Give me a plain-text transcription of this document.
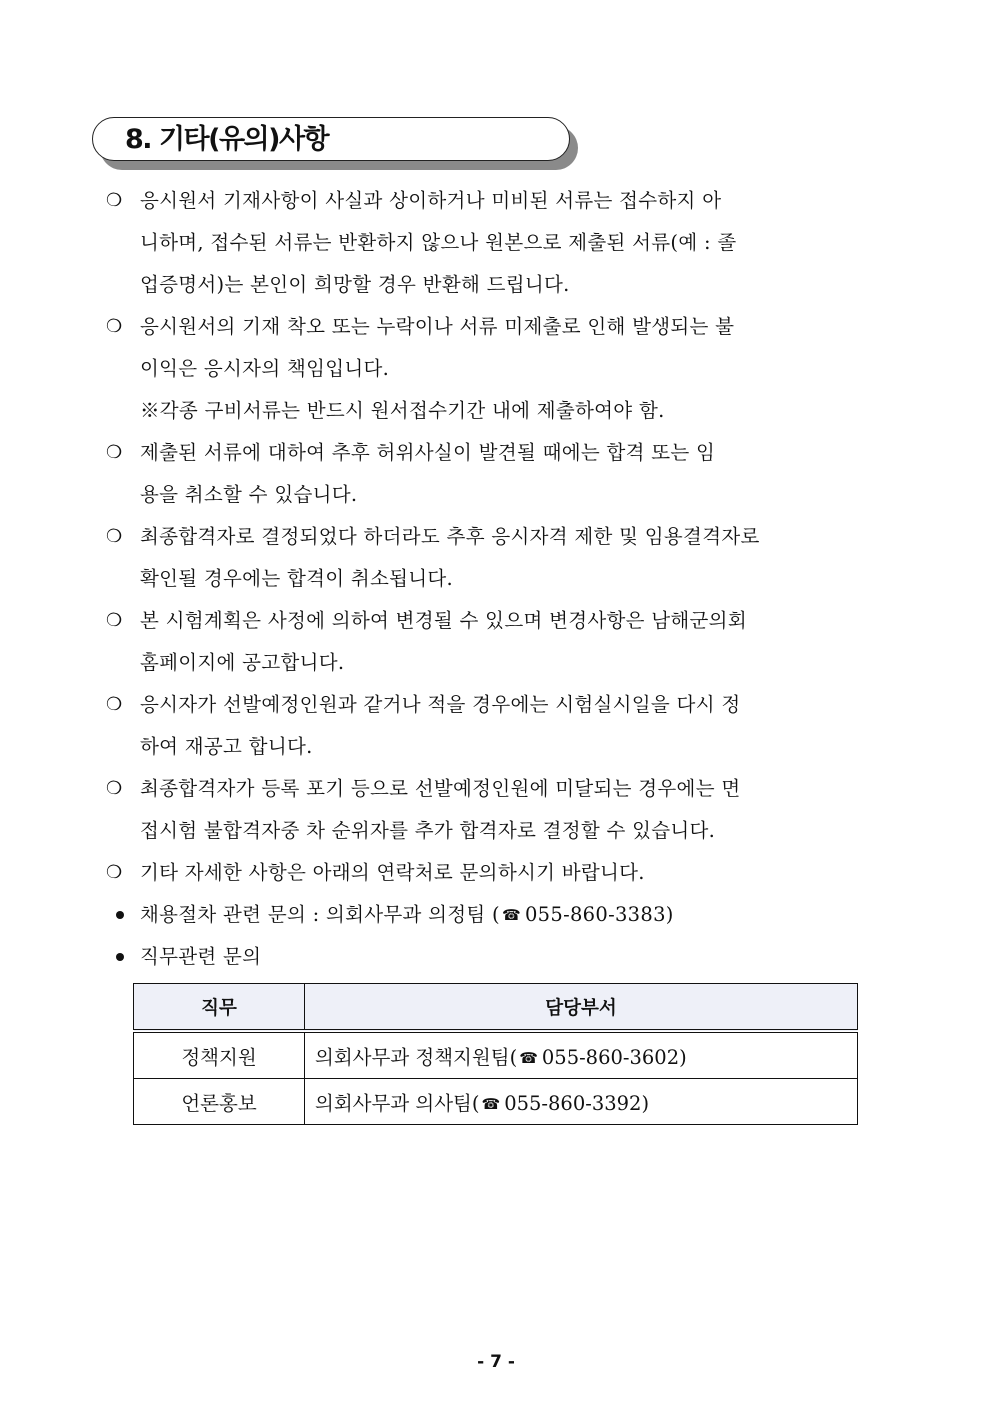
8. 기타(유의)사항
❍ 응시원서 기재사항이 사실과 상이하거나 미비된 서류는 접수하지 아
니하며, 접수된 서류는 반환하지 않으나 원본으로 제출된 서류(예 : 졸
업증명서)는 본인이 희망할 경우 반환해 드립니다.
❍ 응시원서의 기재 착오 또는 누락이나 서류 미제출로 인해 발생되는 불
이익은 응시자의 책임입니다.
※각종 구비서류는 반드시 원서접수기간 내에 제출하여야 함.
❍ 제출된 서류에 대하여 추후 허위사실이 발견될 때에는 합격 또는 임
용을 취소할 수 있습니다.
❍ 최종합격자로 결정되었다 하더라도 추후 응시자격 제한 및 임용결격자로
확인될 경우에는 합격이 취소됩니다.
❍ 본 시험계획은 사정에 의하여 변경될 수 있으며 변경사항은 남해군의회
홈페이지에 공고합니다.
❍ 응시자가 선발예정인원과 같거나 적을 경우에는 시험실시일을 다시 정
하여 재공고 합니다.
❍ 최종합격자가 등록 포기 등으로 선발예정인원에 미달되는 경우에는 면
접시험 불합격자중 차 순위자를 추가 합격자로 결정할 수 있습니다.
❍ 기타 자세한 사항은 아래의 연락처로 문의하시기 바랍니다.
채용절차 관련 문의 : 의회사무과 의정팀 ( ☎ 055-860-3383)
직무관련 문의
직무	담당부서
정책지원	의회사무과 정책지원팀( ☎ 055-860-3602)
언론홍보	의회사무과 의사팀( ☎ 055-860-3392)
- 7 -
